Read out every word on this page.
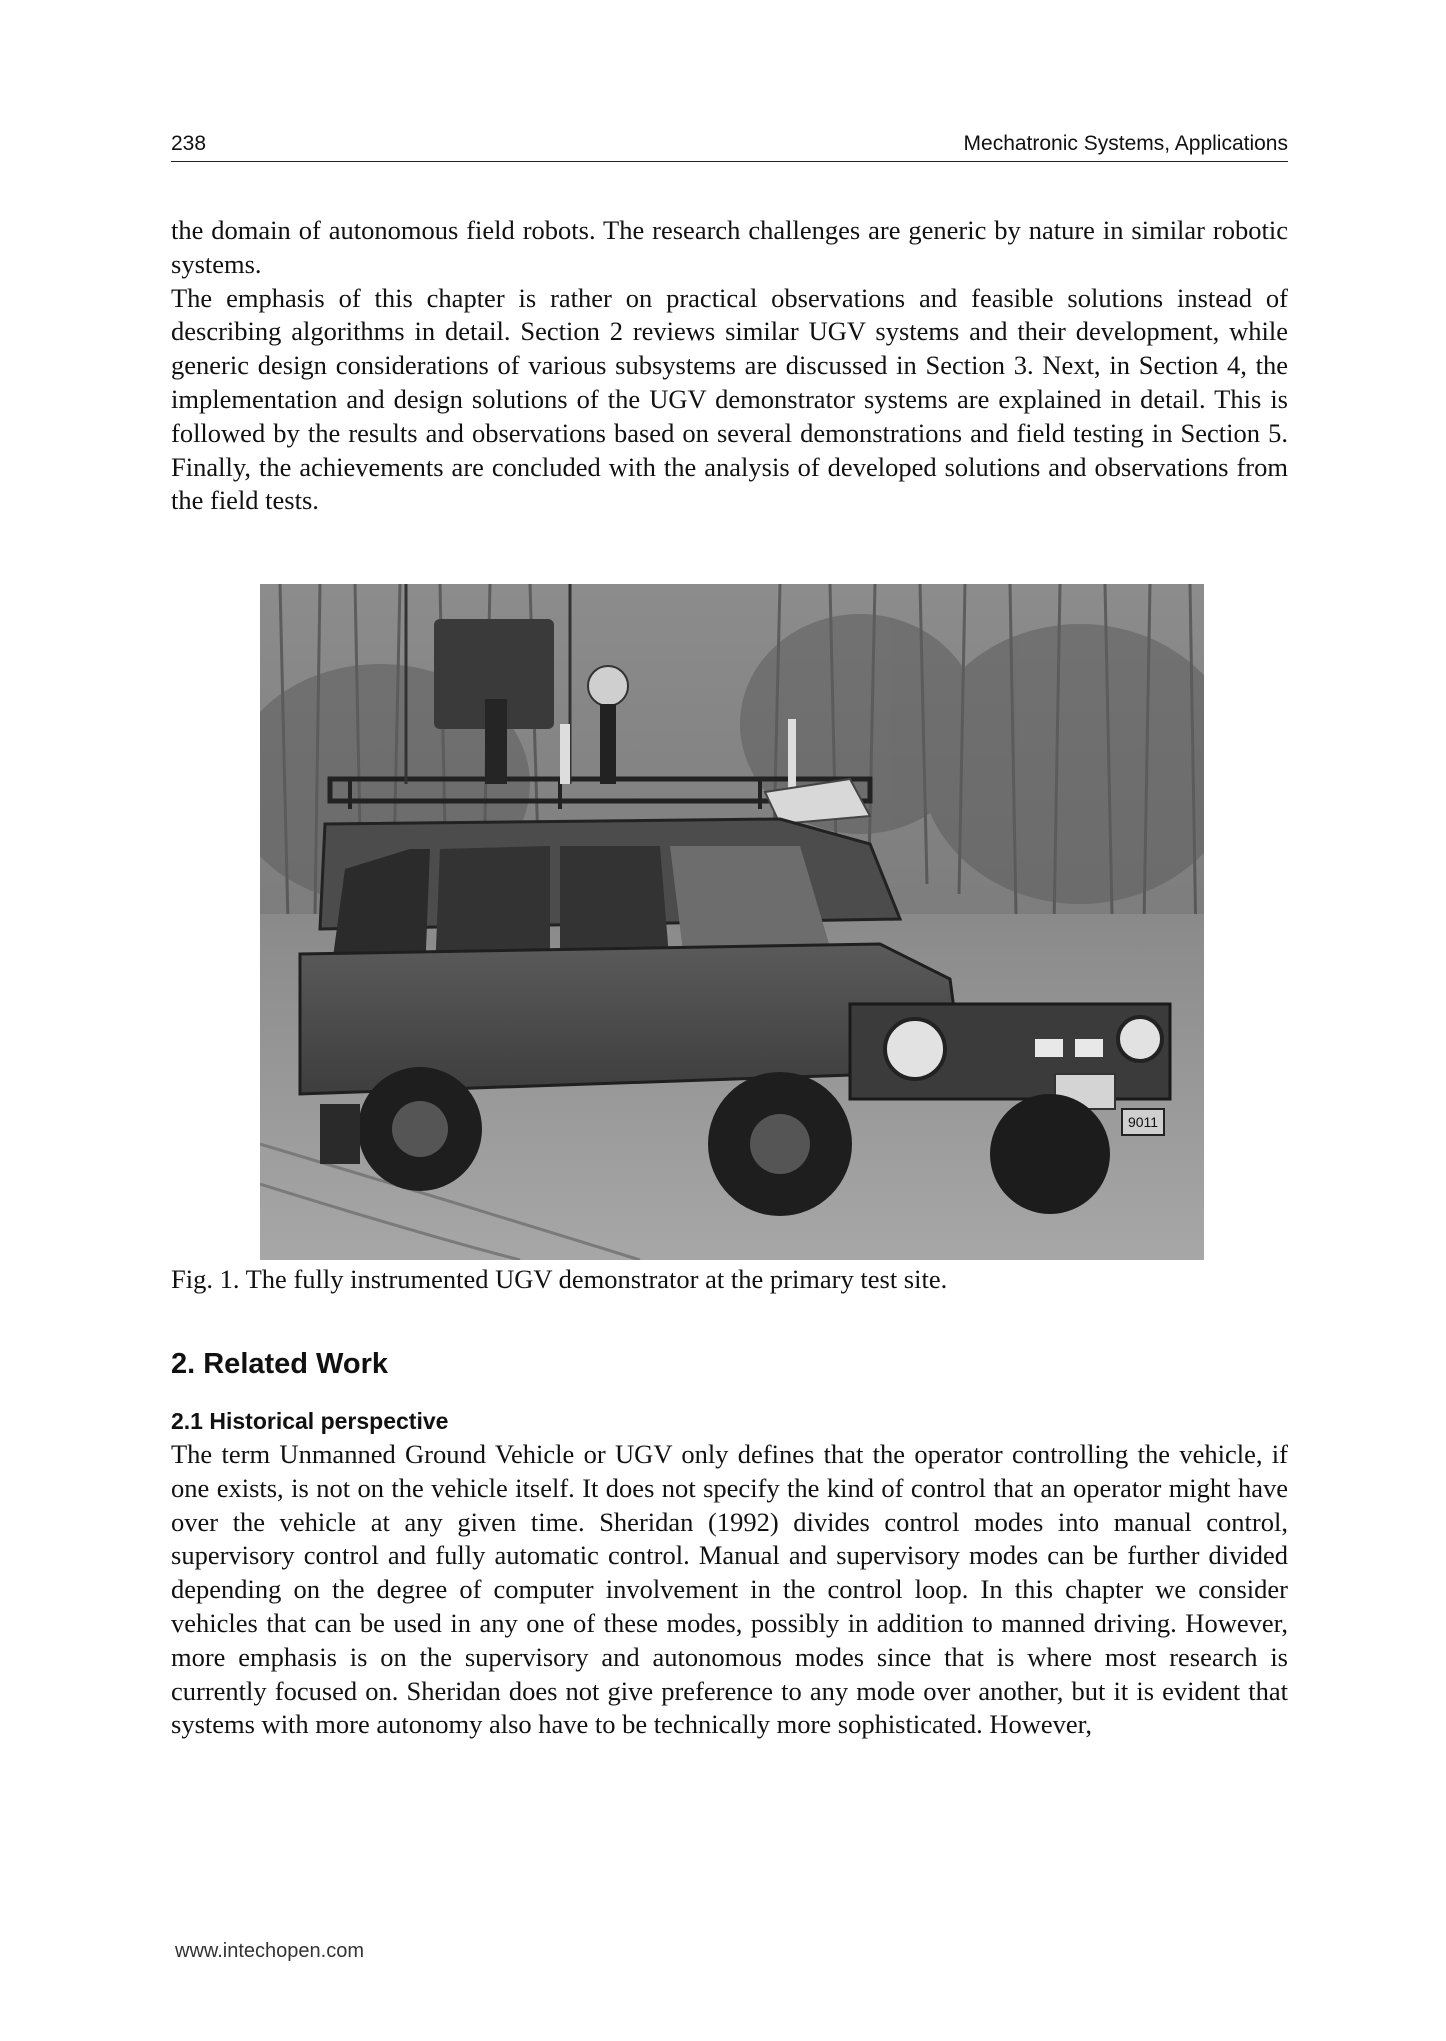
238	Mechatronic Systems, Applications

the domain of autonomous field robots. The research challenges are generic by nature in similar robotic systems.

The emphasis of this chapter is rather on practical observations and feasible solutions instead of describing algorithms in detail. Section 2 reviews similar UGV systems and their development, while generic design considerations of various subsystems are discussed in Section 3. Next, in Section 4, the implementation and design solutions of the UGV demonstrator systems are explained in detail. This is followed by the results and observations based on several demonstrations and field testing in Section 5. Finally, the achievements are concluded with the analysis of developed solutions and observations from the field tests.

9011

Fig. 1. The fully instrumented UGV demonstrator at the primary test site.

2. Related Work
2.1 Historical perspective

The term Unmanned Ground Vehicle or UGV only defines that the operator controlling the vehicle, if one exists, is not on the vehicle itself. It does not specify the kind of control that an operator might have over the vehicle at any given time. Sheridan (1992) divides control modes into manual control, supervisory control and fully automatic control. Manual and supervisory modes can be further divided depending on the degree of computer involvement in the control loop. In this chapter we consider vehicles that can be used in any one of these modes, possibly in addition to manned driving. However, more emphasis is on the supervisory and autonomous modes since that is where most research is currently focused on. Sheridan does not give preference to any mode over another, but it is evident that systems with more autonomy also have to be technically more sophisticated. However,

www.intechopen.com
